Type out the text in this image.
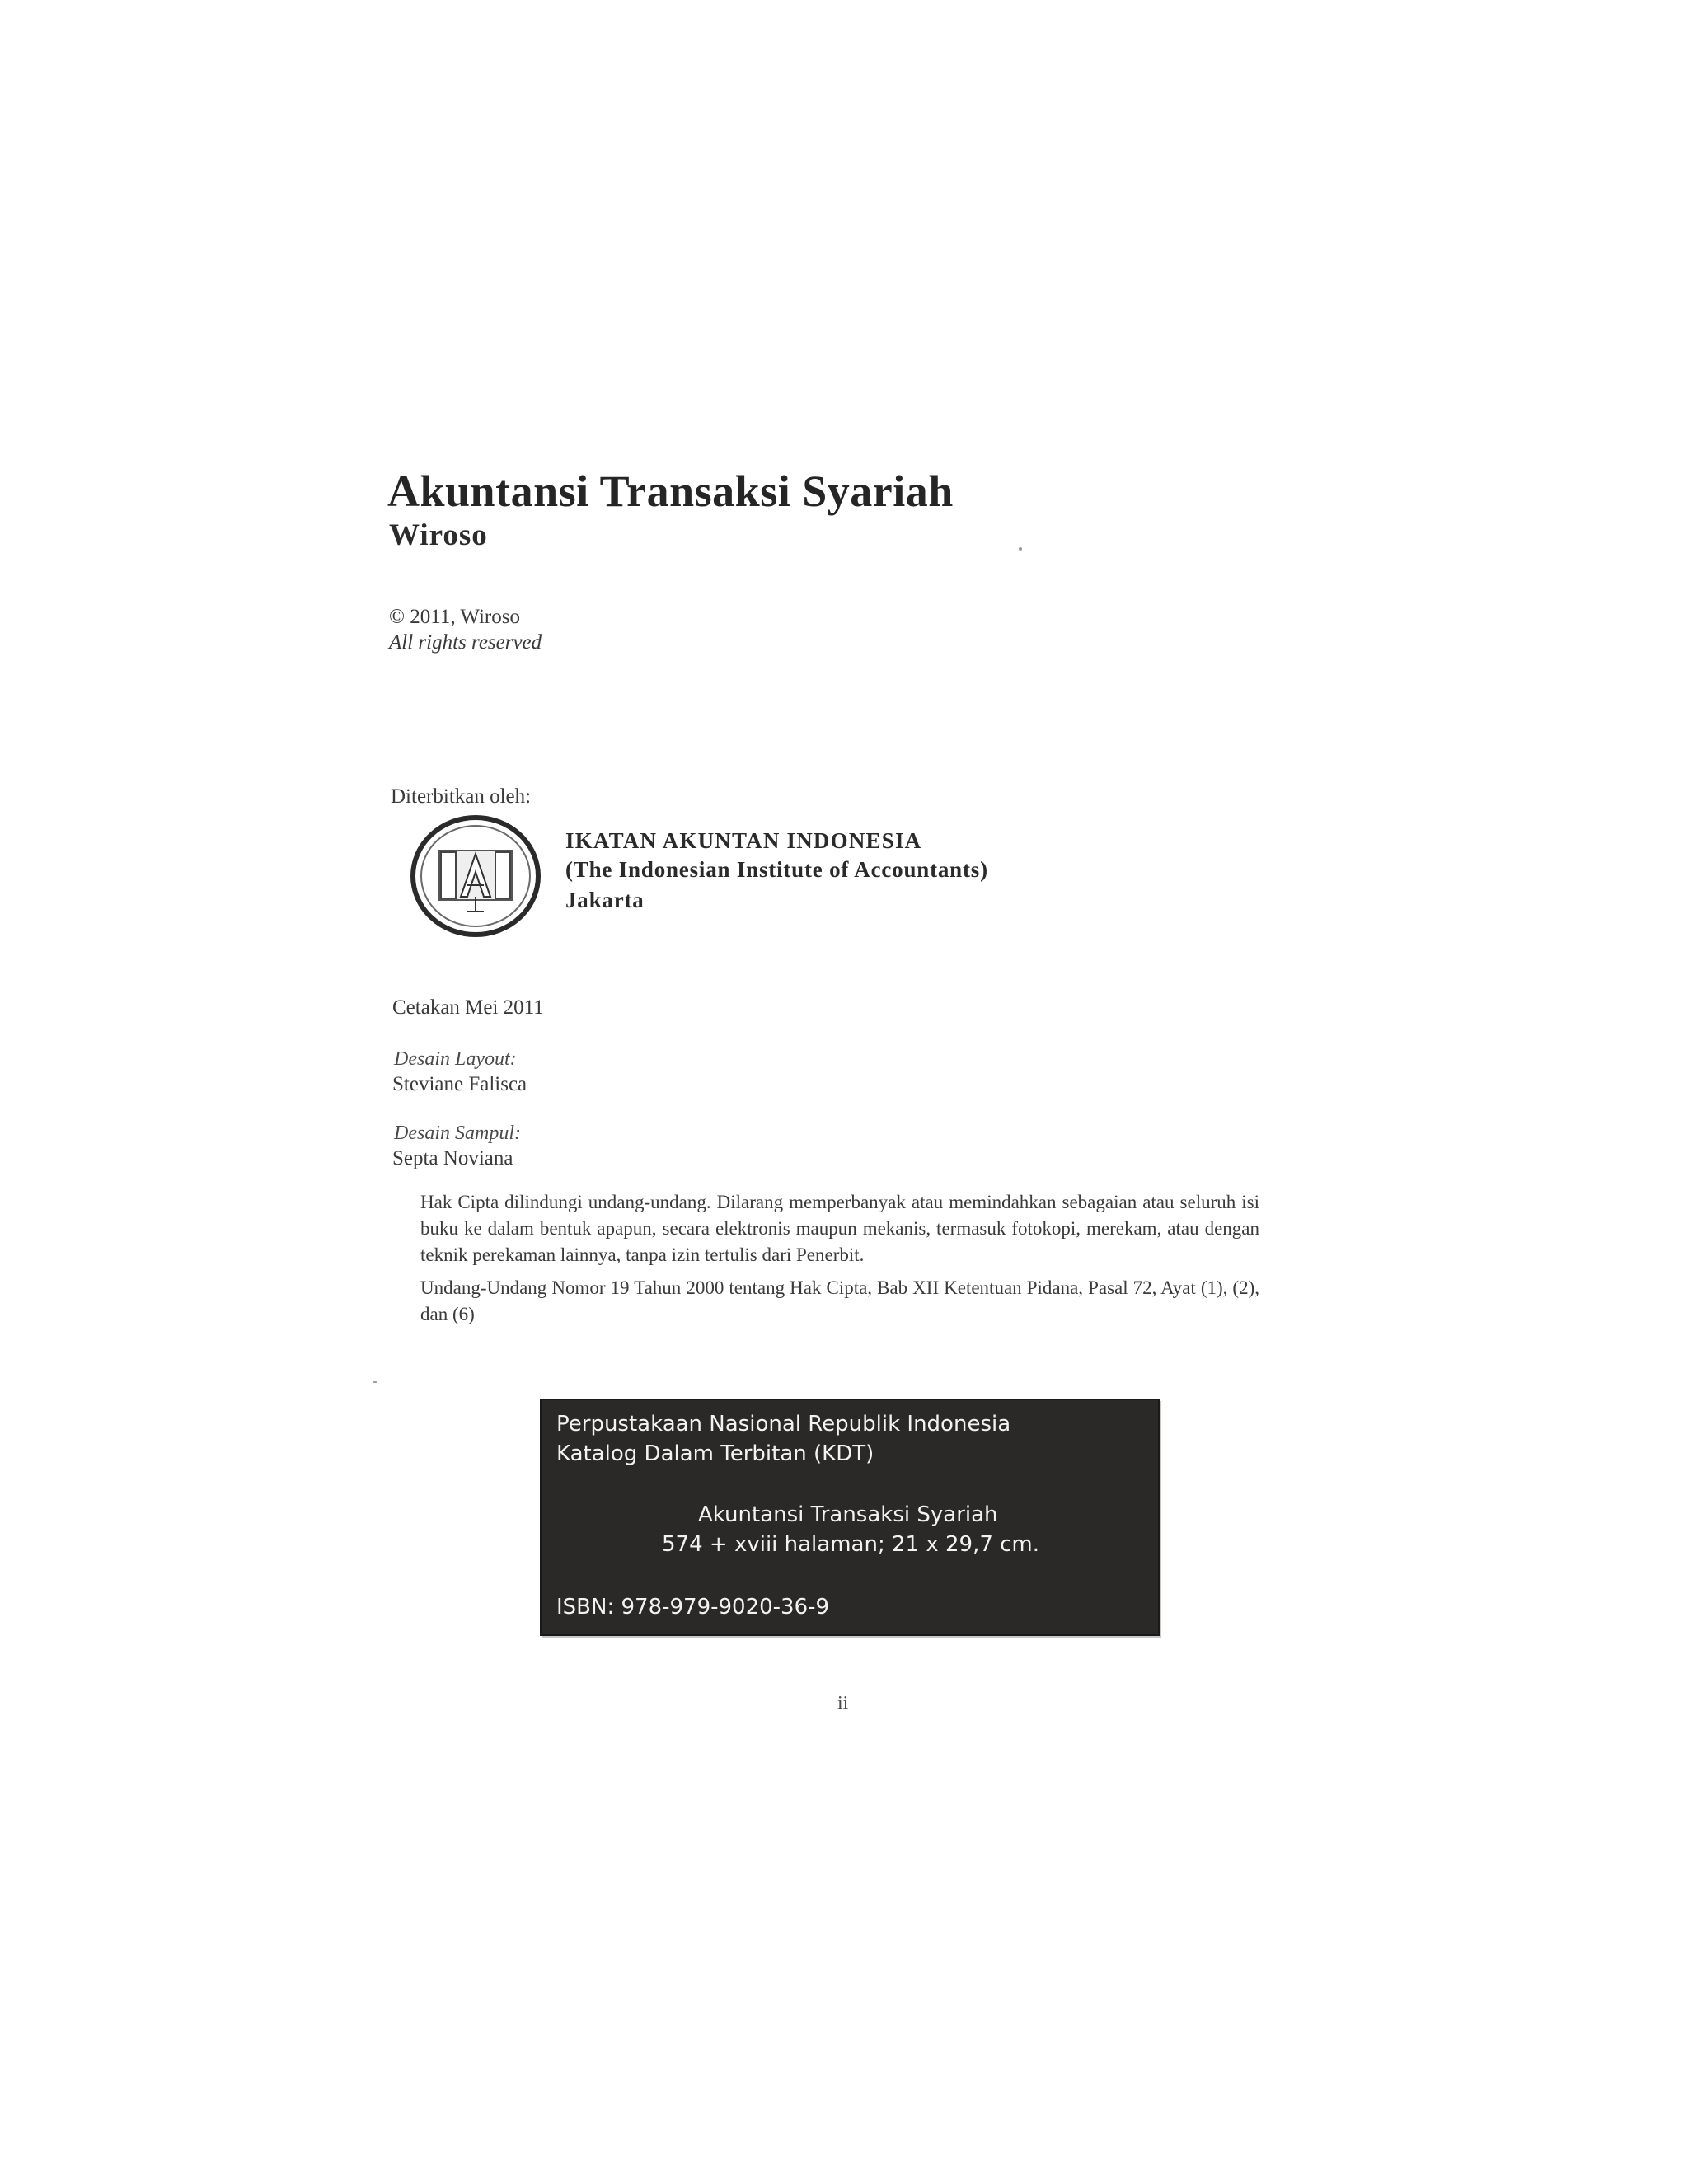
Akuntansi Transaksi Syariah
Wiroso
© 2011, Wiroso
All rights reserved
Diterbitkan oleh:
IKATAN AKUNTAN INDONESIA
(The Indonesian Institute of Accountants)
Jakarta
Cetakan Mei 2011
Desain Layout:
Steviane Falisca
Desain Sampul:
Septa Noviana

Hak Cipta dilindungi undang-undang. Dilarang memperbanyak atau memindahkan sebagaian atau seluruh isi buku ke dalam bentuk apapun, secara elektronis maupun mekanis, termasuk fotokopi, merekam, atau dengan teknik perekaman lainnya, tanpa izin tertulis dari Penerbit.

Undang-Undang Nomor 19 Tahun 2000 tentang Hak Cipta, Bab XII Ketentuan Pidana, Pasal 72, Ayat (1), (2), dan (6)

Perpustakaan Nasional Republik Indonesia
Katalog Dalam Terbitan (KDT)
Akuntansi Transaksi Syariah
574 + xviii halaman; 21 x 29,7 cm.
ISBN: 978-979-9020-36-9
ii
